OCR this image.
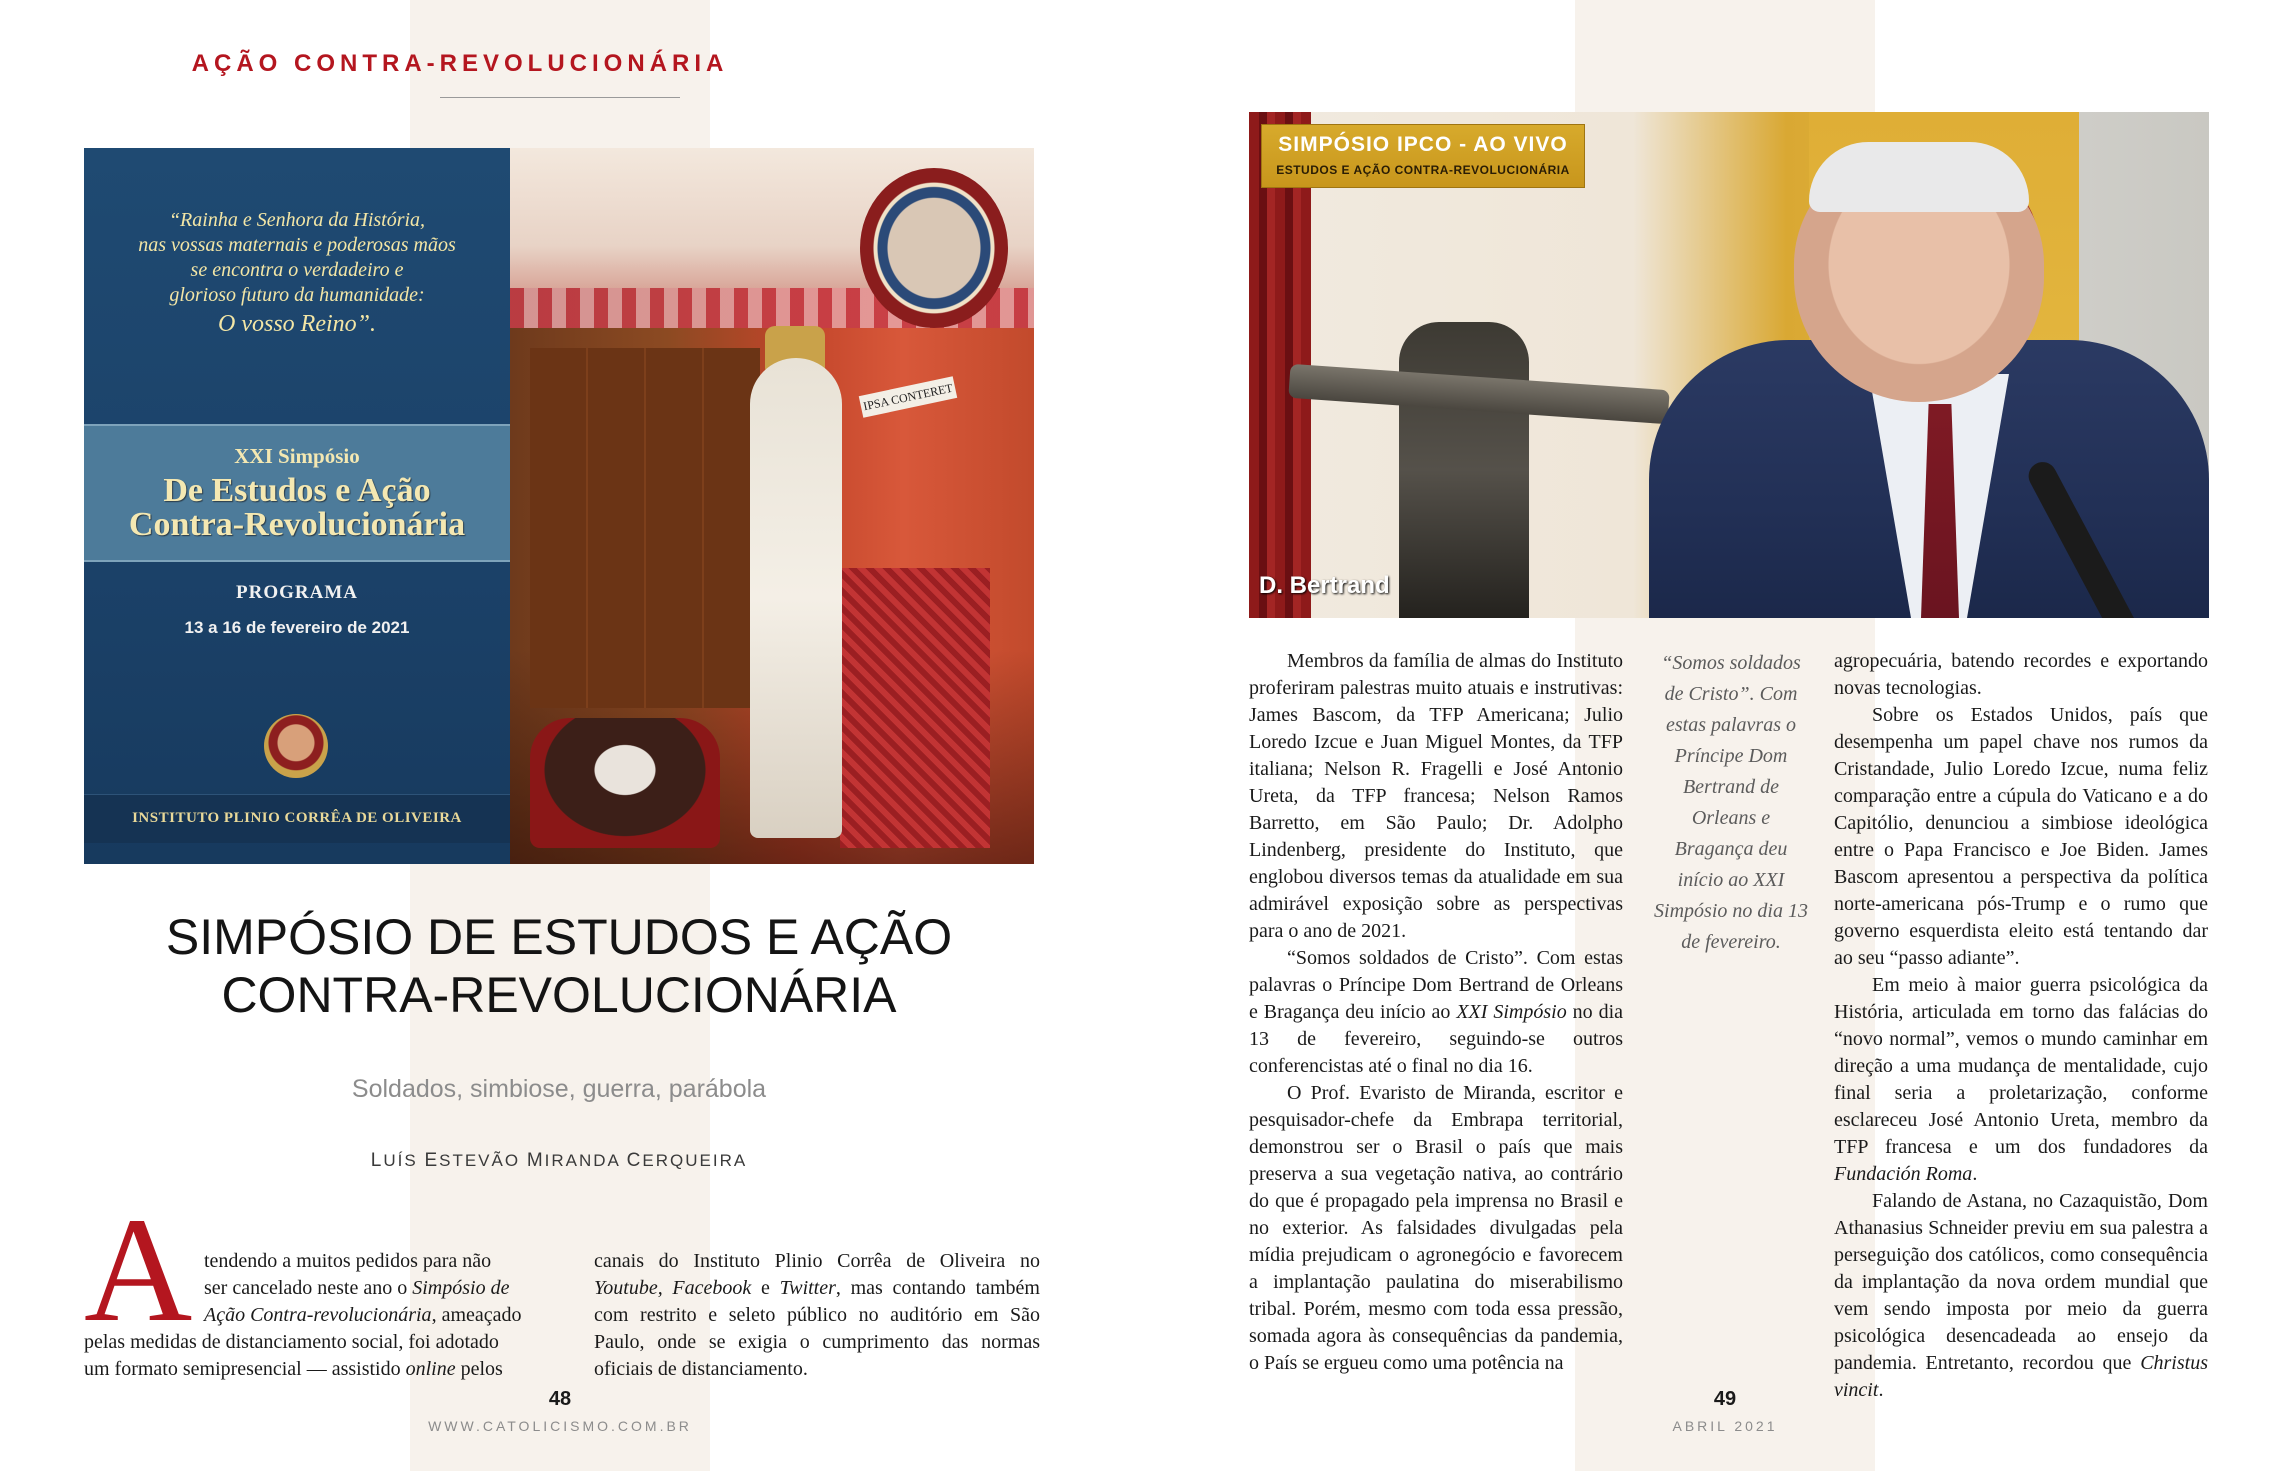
AÇÃO CONTRA-REVOLUCIONÁRIA
“Rainha e Senhora da História,
nas vossas maternais e poderosas mãos
se encontra o verdadeiro e
glorioso futuro da humanidade:
O vosso Reino”.
XXI Simpósio
De Estudos e Ação
Contra-Revolucionária
PROGRAMA
13 a 16 de fevereiro de 2021
INSTITUTO PLINIO CORRÊA DE OLIVEIRA
IPSA CONTERET
SIMPÓSIO DE ESTUDOS E AÇÃO
CONTRA-REVOLUCIONÁRIA
Soldados, simbiose, guerra, parábola
LUÍS ESTEVÃO MIRANDA CERQUEIRA
A tendendo a muitos pedidos para não
ser cancelado neste ano o Simpósio de
Ação Contra-revolucionária, ameaçado
pelas medidas de distanciamento social, foi adotado
um formato semipresencial — assistido online pelos

canais do Instituto Plinio Corrêa de Oliveira no Youtube, Facebook e Twitter, mas contando também com restrito e seleto público no auditório em São Paulo, onde se exigia o cumprimento das normas oficiais de distanciamento.

48
WWW.CATOLICISMO.COM.BR
SIMPÓSIO IPCO - AO VIVO
ESTUDOS E AÇÃO CONTRA-REVOLUCIONÁRIA
D. Bertrand

Membros da família de almas do Instituto proferiram palestras muito atuais e instrutivas: James Bascom, da TFP Americana; Julio Loredo Izcue e Juan Miguel Montes, da TFP italiana; Nelson R. Fragelli e José Antonio Ureta, da TFP francesa; Nelson Ramos Barretto, em São Paulo; Dr. Adolpho Lindenberg, presidente do Instituto, que englobou diversos temas da atualidade em sua admirável exposição sobre as perspectivas para o ano de 2021.

“Somos soldados de Cristo”. Com estas palavras o Príncipe Dom Bertrand de Orleans e Bragança deu início ao XXI Simpósio no dia 13 de fevereiro, seguindo-se outros conferencistas até o final no dia 16.

O Prof. Evaristo de Miranda, escritor e pesquisador-chefe da Embrapa territorial, demonstrou ser o Brasil o país que mais preserva a sua vegetação nativa, ao contrário do que é propagado pela imprensa no Brasil e no exterior. As falsidades divulgadas pela mídia prejudicam o agronegócio e favorecem a implantação paulatina do miserabilismo tribal. Porém, mesmo com toda essa pressão, somada agora às consequências da pandemia, o País se ergueu como uma potência na

“Somos soldados de Cristo”. Com estas palavras o Príncipe Dom Bertrand de Orleans e Bragança deu início ao XXI Simpósio no dia 13 de fevereiro.

agropecuária, batendo recordes e exportando novas tecnologias.

Sobre os Estados Unidos, país que desempenha um papel chave nos rumos da Cristandade, Julio Loredo Izcue, numa feliz comparação entre a cúpula do Vaticano e a do Capitólio, denunciou a simbiose ideológica entre o Papa Francisco e Joe Biden. James Bascom apresentou a perspectiva da política norte-americana pós-Trump e o rumo que governo esquerdista eleito está tentando dar ao seu “passo adiante”.

Em meio à maior guerra psicológica da História, articulada em torno das falácias do “novo normal”, vemos o mundo caminhar em direção a uma mudança de mentalidade, cujo final seria a proletarização, conforme esclareceu José Antonio Ureta, membro da TFP francesa e um dos fundadores da Fundación Roma.

Falando de Astana, no Cazaquistão, Dom Athanasius Schneider previu em sua palestra a perseguição dos católicos, como consequência da implantação da nova ordem mundial que vem sendo imposta por meio da guerra psicológica desencadeada ao ensejo da pandemia. Entretanto, recordou que Christus vincit.

49
ABRIL 2021
